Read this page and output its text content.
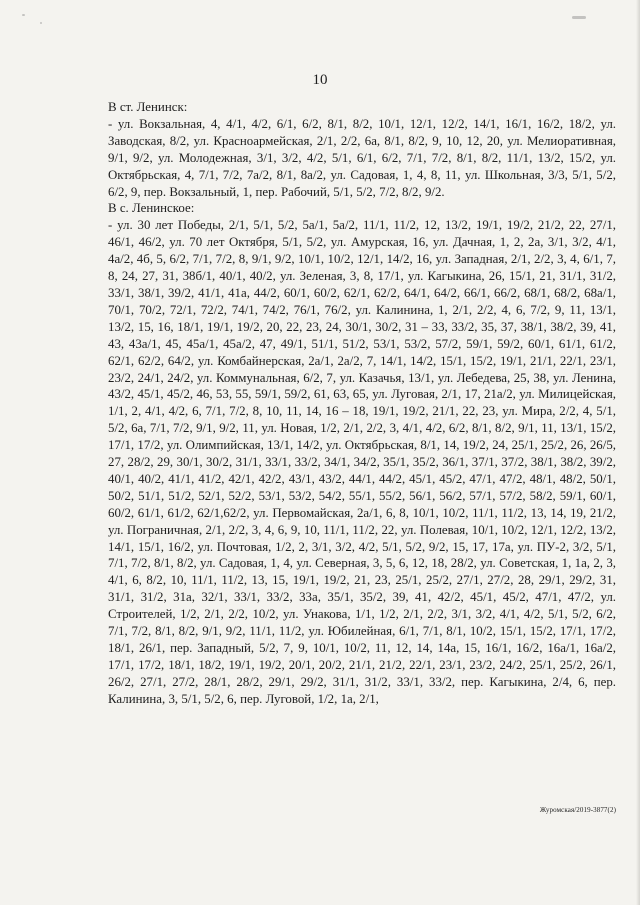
10

В ст. Ленинск:

- ул. Вокзальная, 4, 4/1, 4/2, 6/1, 6/2, 8/1, 8/2, 10/1, 12/1, 12/2, 14/1, 16/1, 16/2, 18/2, ул. Заводская, 8/2, ул. Красноармейская, 2/1, 2/2, 6а, 8/1, 8/2, 9, 10, 12, 20, ул. Мелиоративная, 9/1, 9/2, ул. Молодежная, 3/1, 3/2, 4/2, 5/1, 6/1, 6/2, 7/1, 7/2, 8/1, 8/2, 11/1, 13/2, 15/2, ул. Октябрьская, 4, 7/1, 7/2, 7а/2, 8/1, 8а/2, ул. Садовая, 1, 4, 8, 11, ул. Школьная, 3/3, 5/1, 5/2, 6/2, 9, пер. Вокзальный, 1, пер. Рабочий, 5/1, 5/2, 7/2, 8/2, 9/2.

В с. Ленинское:

- ул. 30 лет Победы, 2/1, 5/1, 5/2, 5а/1, 5а/2, 11/1, 11/2, 12, 13/2, 19/1, 19/2, 21/2, 22, 27/1, 46/1, 46/2, ул. 70 лет Октября, 5/1, 5/2, ул. Амурская, 16, ул. Дачная, 1, 2, 2а, 3/1, 3/2, 4/1, 4а/2, 4б, 5, 6/2, 7/1, 7/2, 8, 9/1, 9/2, 10/1, 10/2, 12/1, 14/2, 16, ул. Западная, 2/1, 2/2, 3, 4, 6/1, 7, 8, 24, 27, 31, 38б/1, 40/1, 40/2, ул. Зеленая, 3, 8, 17/1, ул. Кагыкина, 26, 15/1, 21, 31/1, 31/2, 33/1, 38/1, 39/2, 41/1, 41а, 44/2, 60/1, 60/2, 62/1, 62/2, 64/1, 64/2, 66/1, 66/2, 68/1, 68/2, 68а/1, 70/1, 70/2, 72/1, 72/2, 74/1, 74/2, 76/1, 76/2, ул. Калинина, 1, 2/1, 2/2, 4, 6, 7/2, 9, 11, 13/1, 13/2, 15, 16, 18/1, 19/1, 19/2, 20, 22, 23, 24, 30/1, 30/2, 31 – 33, 33/2, 35, 37, 38/1, 38/2, 39, 41, 43, 43а/1, 45, 45а/1, 45а/2, 47, 49/1, 51/1, 51/2, 53/1, 53/2, 57/2, 59/1, 59/2, 60/1, 61/1, 61/2, 62/1, 62/2, 64/2, ул. Комбайнерская, 2а/1, 2а/2, 7, 14/1, 14/2, 15/1, 15/2, 19/1, 21/1, 22/1, 23/1, 23/2, 24/1, 24/2, ул. Коммунальная, 6/2, 7, ул. Казачья, 13/1, ул. Лебедева, 25, 38, ул. Ленина, 43/2, 45/1, 45/2, 46, 53, 55, 59/1, 59/2, 61, 63, 65, ул. Луговая, 2/1, 17, 21а/2, ул. Милицейская, 1/1, 2, 4/1, 4/2, 6, 7/1, 7/2, 8, 10, 11, 14, 16 – 18, 19/1, 19/2, 21/1, 22, 23, ул. Мира, 2/2, 4, 5/1, 5/2, 6а, 7/1, 7/2, 9/1, 9/2, 11, ул. Новая, 1/2, 2/1, 2/2, 3, 4/1, 4/2, 6/2, 8/1, 8/2, 9/1, 11, 13/1, 15/2, 17/1, 17/2, ул. Олимпийская, 13/1, 14/2, ул. Октябрьская, 8/1, 14, 19/2, 24, 25/1, 25/2, 26, 26/5, 27, 28/2, 29, 30/1, 30/2, 31/1, 33/1, 33/2, 34/1, 34/2, 35/1, 35/2, 36/1, 37/1, 37/2, 38/1, 38/2, 39/2, 40/1, 40/2, 41/1, 41/2, 42/1, 42/2, 43/1, 43/2, 44/1, 44/2, 45/1, 45/2, 47/1, 47/2, 48/1, 48/2, 50/1, 50/2, 51/1, 51/2, 52/1, 52/2, 53/1, 53/2, 54/2, 55/1, 55/2, 56/1, 56/2, 57/1, 57/2, 58/2, 59/1, 60/1, 60/2, 61/1, 61/2, 62/1,62/2, ул. Первомайская, 2а/1, 6, 8, 10/1, 10/2, 11/1, 11/2, 13, 14, 19, 21/2, ул. Пограничная, 2/1, 2/2, 3, 4, 6, 9, 10, 11/1, 11/2, 22, ул. Полевая, 10/1, 10/2, 12/1, 12/2, 13/2, 14/1, 15/1, 16/2, ул. Почтовая, 1/2, 2, 3/1, 3/2, 4/2, 5/1, 5/2, 9/2, 15, 17, 17а, ул. ПУ-2, 3/2, 5/1, 7/1, 7/2, 8/1, 8/2, ул. Садовая, 1, 4, ул. Северная, 3, 5, 6, 12, 18, 28/2, ул. Советская, 1, 1а, 2, 3, 4/1, 6, 8/2, 10, 11/1, 11/2, 13, 15, 19/1, 19/2, 21, 23, 25/1, 25/2, 27/1, 27/2, 28, 29/1, 29/2, 31, 31/1, 31/2, 31а, 32/1, 33/1, 33/2, 33а, 35/1, 35/2, 39, 41, 42/2, 45/1, 45/2, 47/1, 47/2, ул. Строителей, 1/2, 2/1, 2/2, 10/2, ул. Унакова, 1/1, 1/2, 2/1, 2/2, 3/1, 3/2, 4/1, 4/2, 5/1, 5/2, 6/2, 7/1, 7/2, 8/1, 8/2, 9/1, 9/2, 11/1, 11/2, ул. Юбилейная, 6/1, 7/1, 8/1, 10/2, 15/1, 15/2, 17/1, 17/2, 18/1, 26/1, пер. Западный, 5/2, 7, 9, 10/1, 10/2, 11, 12, 14, 14а, 15, 16/1, 16/2, 16а/1, 16а/2, 17/1, 17/2, 18/1, 18/2, 19/1, 19/2, 20/1, 20/2, 21/1, 21/2, 22/1, 23/1, 23/2, 24/2, 25/1, 25/2, 26/1, 26/2, 27/1, 27/2, 28/1, 28/2, 29/1, 29/2, 31/1, 31/2, 33/1, 33/2, пер. Кагыкина, 2/4, 6, пер. Калинина, 3, 5/1, 5/2, 6, пер. Луговой, 1/2, 1а, 2/1,

Журомская/2019-3877(2)
